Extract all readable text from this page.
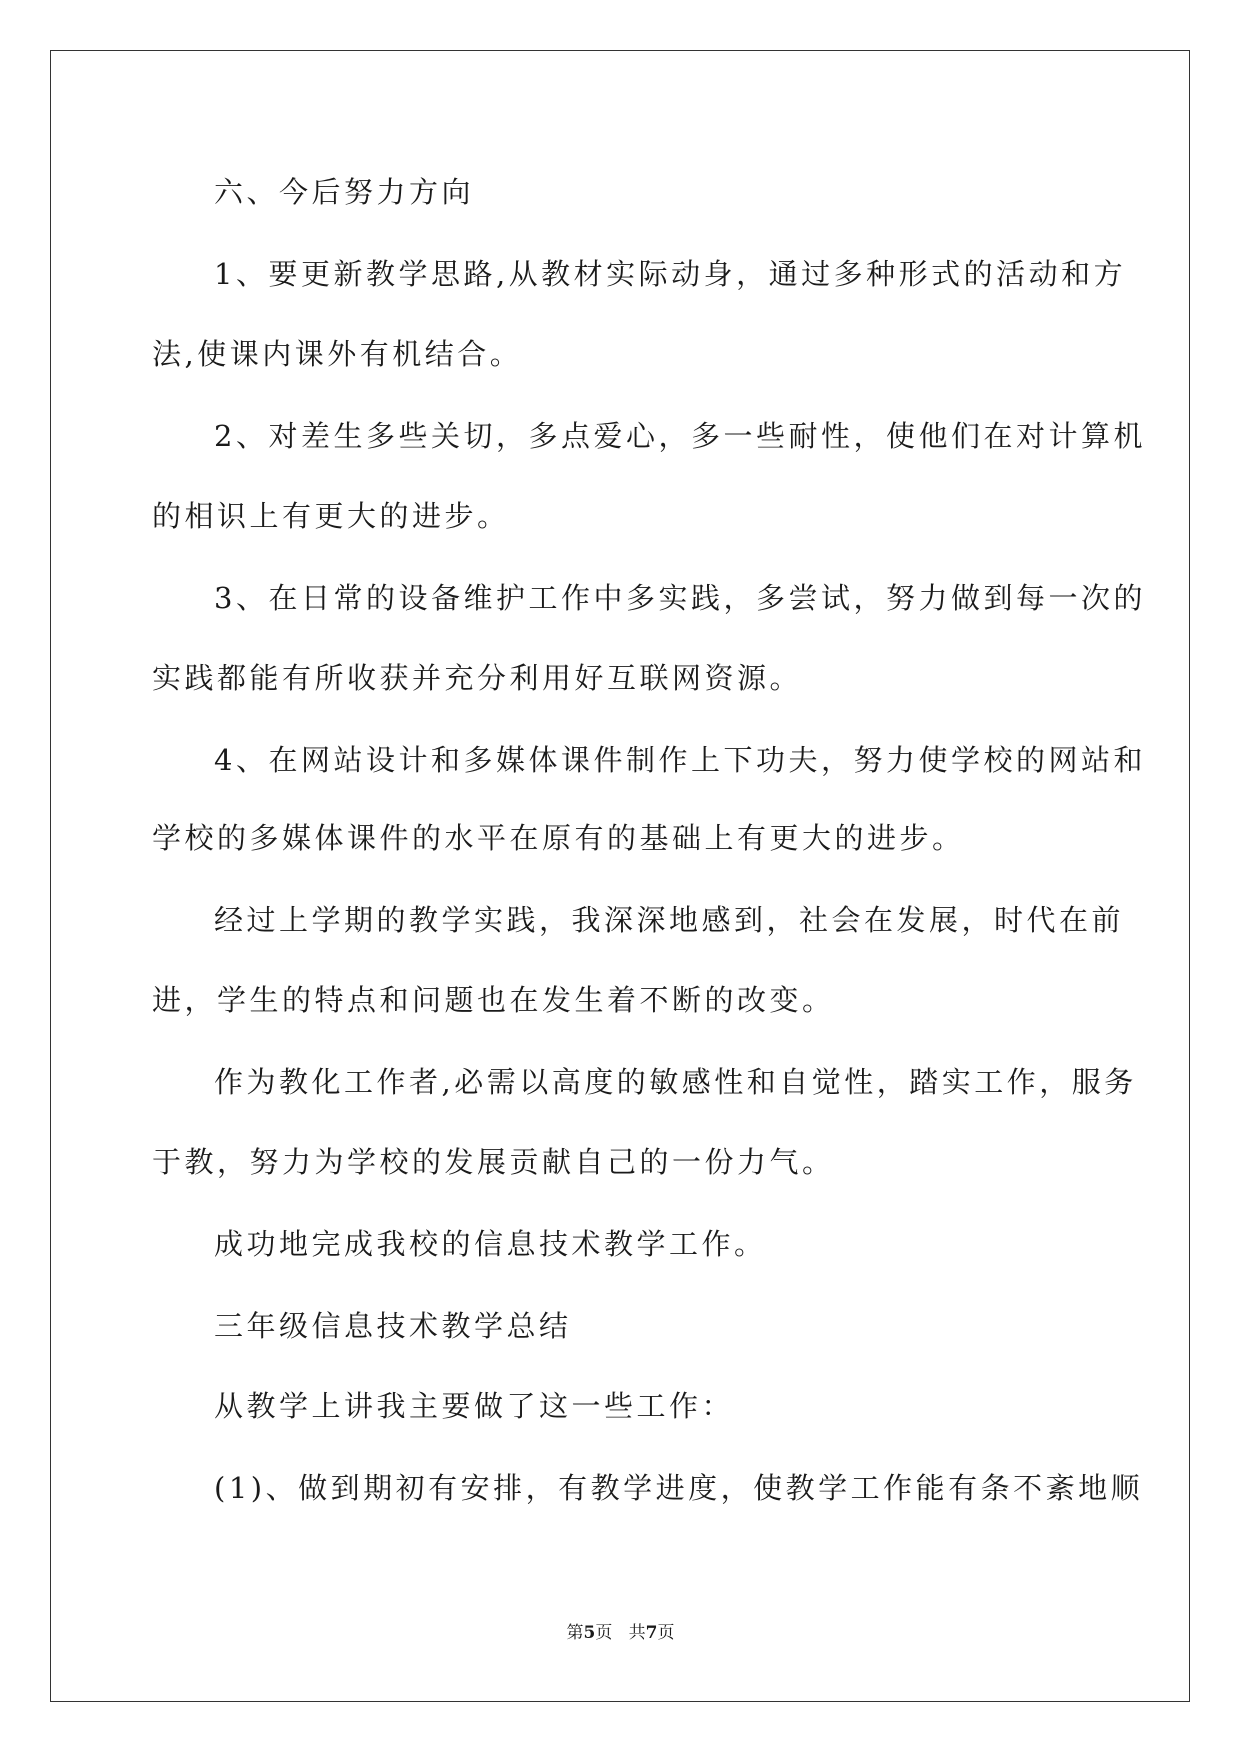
六、今后努力方向
1、要更新教学思路,从教材实际动身，通过多种形式的活动和方
法,使课内课外有机结合。
2、对差生多些关切，多点爱心，多一些耐性，使他们在对计算机
的相识上有更大的进步。
3、在日常的设备维护工作中多实践，多尝试，努力做到每一次的
实践都能有所收获并充分利用好互联网资源。
4、在网站设计和多媒体课件制作上下功夫，努力使学校的网站和
学校的多媒体课件的水平在原有的基础上有更大的进步。
经过上学期的教学实践，我深深地感到，社会在发展，时代在前
进，学生的特点和问题也在发生着不断的改变。
作为教化工作者,必需以高度的敏感性和自觉性，踏实工作，服务
于教，努力为学校的发展贡献自己的一份力气。
成功地完成我校的信息技术教学工作。
三年级信息技术教学总结
从教学上讲我主要做了这一些工作：
(1)、做到期初有安排，有教学进度，使教学工作能有条不紊地顺
第5页 共7页
